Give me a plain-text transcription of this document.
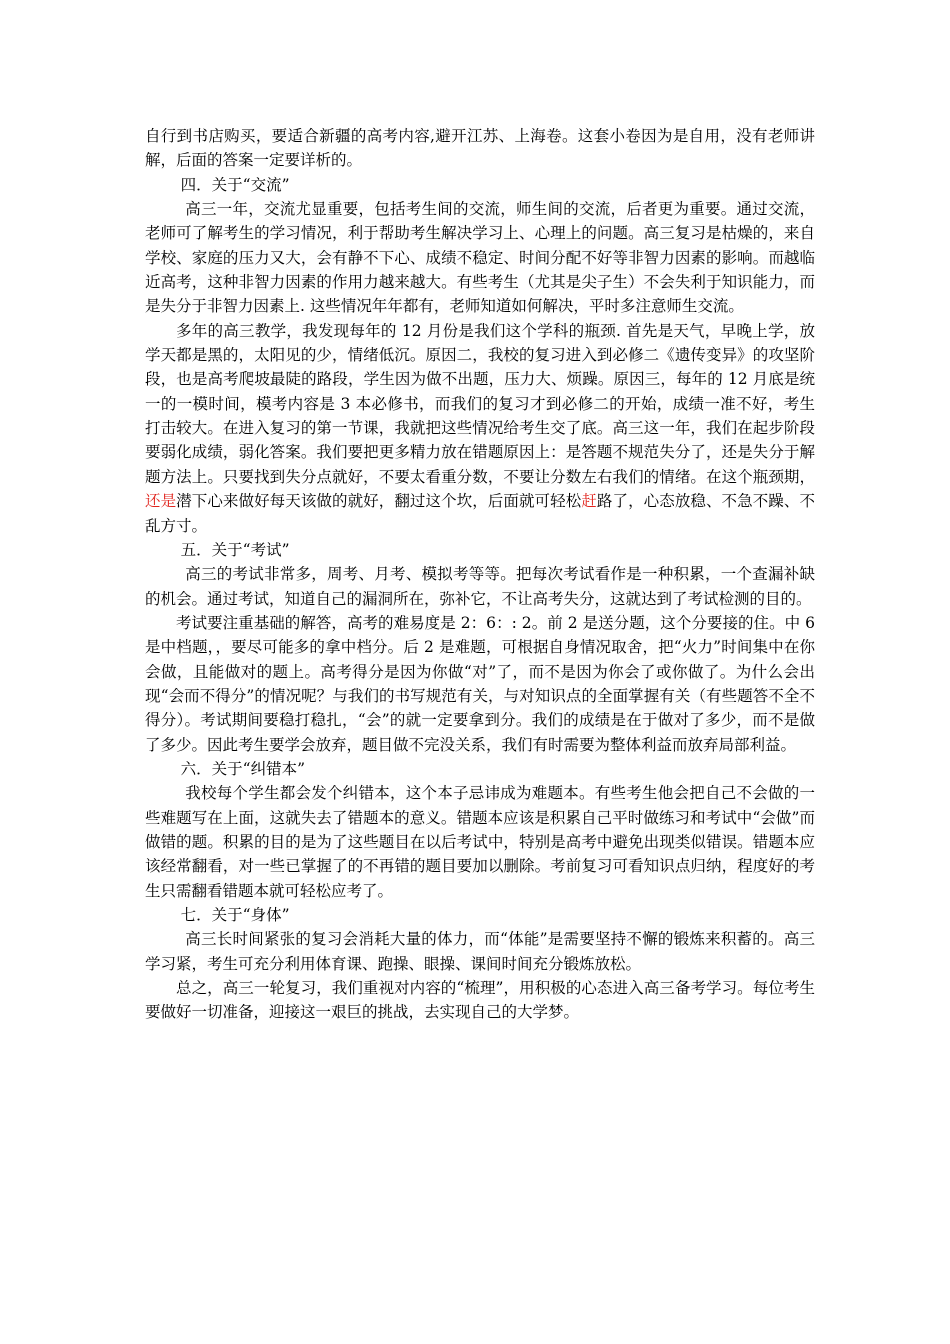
自行到书店购买，要适合新疆的高考内容,避开江苏、上海卷。这套小卷因为是自用，没有老师讲解，后面的答案一定要详析的。

四．关于“交流”

高三一年，交流尤显重要，包括考生间的交流，师生间的交流，后者更为重要。通过交流，老师可了解考生的学习情况，利于帮助考生解决学习上、心理上的问题。高三复习是枯燥的，来自学校、家庭的压力又大，会有静不下心、成绩不稳定、时间分配不好等非智力因素的影响。而越临近高考，这种非智力因素的作用力越来越大。有些考生（尤其是尖子生）不会失利于知识能力，而是失分于非智力因素上. 这些情况年年都有，老师知道如何解决，平时多注意师生交流。

多年的高三教学，我发现每年的 12 月份是我们这个学科的瓶颈. 首先是天气，早晚上学，放学天都是黑的，太阳见的少，情绪低沉。原因二，我校的复习进入到必修二《遗传变异》的攻坚阶段，也是高考爬坡最陡的路段，学生因为做不出题，压力大、烦躁。原因三，每年的 12 月底是统一的一模时间，模考内容是 3 本必修书，而我们的复习才到必修二的开始，成绩一准不好，考生打击较大。在进入复习的第一节课，我就把这些情况给考生交了底。高三这一年，我们在起步阶段要弱化成绩，弱化答案。我们要把更多精力放在错题原因上：是答题不规范失分了，还是失分于解题方法上。只要找到失分点就好，不要太看重分数，不要让分数左右我们的情绪。在这个瓶颈期，还是潜下心来做好每天该做的就好，翻过这个坎，后面就可轻松赶路了，心态放稳、不急不躁、不乱方寸。

五．关于“考试”

高三的考试非常多，周考、月考、模拟考等等。把每次考试看作是一种积累，一个查漏补缺的机会。通过考试，知道自己的漏洞所在，弥补它，不让高考失分，这就达到了考试检测的目的。

考试要注重基础的解答，高考的难易度是 2：6：: 2。前 2 是送分题，这个分要接的住。中 6 是中档题，，要尽可能多的拿中档分。后 2 是难题，可根据自身情况取舍，把“火力”时间集中在你会做，且能做对的题上。高考得分是因为你做“对”了，而不是因为你会了或你做了。为什么会出现“会而不得分”的情况呢？与我们的书写规范有关，与对知识点的全面掌握有关（有些题答不全不得分）。考试期间要稳打稳扎，“会”的就一定要拿到分。我们的成绩是在于做对了多少，而不是做了多少。因此考生要学会放弃，题目做不完没关系，我们有时需要为整体利益而放弃局部利益。

六．关于“纠错本”

我校每个学生都会发个纠错本，这个本子忌讳成为难题本。有些考生他会把自己不会做的一些难题写在上面，这就失去了错题本的意义。错题本应该是积累自己平时做练习和考试中“会做”而做错的题。积累的目的是为了这些题目在以后考试中，特别是高考中避免出现类似错误。错题本应该经常翻看，对一些已掌握了的不再错的题目要加以删除。考前复习可看知识点归纳，程度好的考生只需翻看错题本就可轻松应考了。

七．关于“身体”

高三长时间紧张的复习会消耗大量的体力，而“体能”是需要坚持不懈的锻炼来积蓄的。高三学习紧，考生可充分利用体育课、跑操、眼操、课间时间充分锻炼放松。

总之，高三一轮复习，我们重视对内容的“梳理”，用积极的心态进入高三备考学习。每位考生要做好一切准备，迎接这一艰巨的挑战，去实现自己的大学梦。
